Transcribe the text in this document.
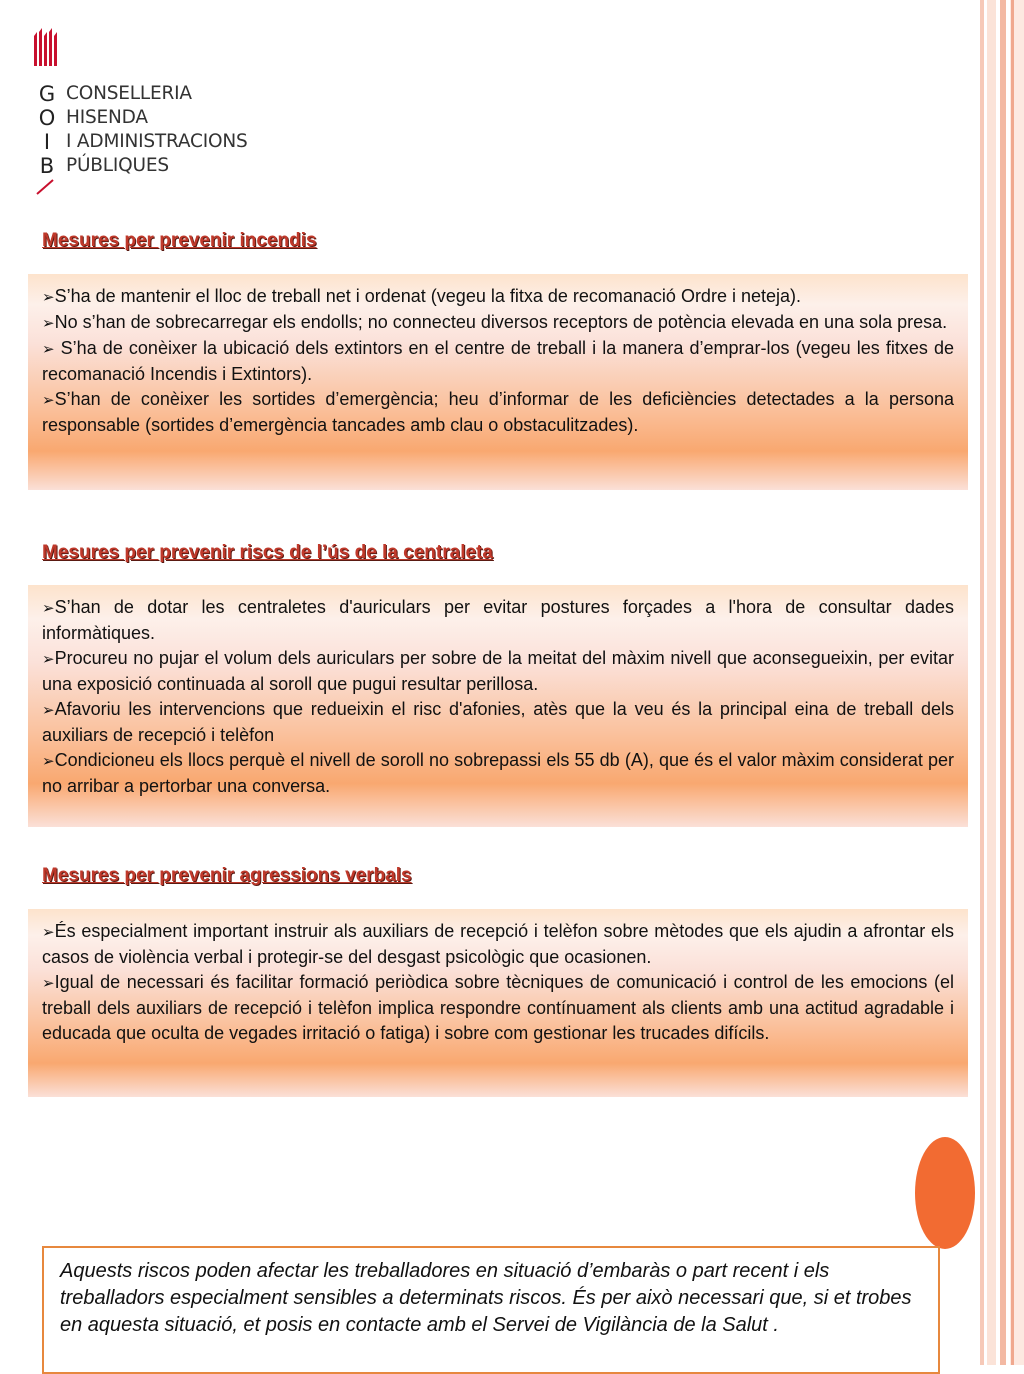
G
O
I
B
CONSELLERIA
HISENDA
I ADMINISTRACIONS
PÚBLIQUES
Mesures per prevenir incendis
➢S’ha de mantenir el lloc de treball net i ordenat (vegeu la fitxa de recomanació Ordre i neteja).
➢No s’han de sobrecarregar els endolls; no connecteu diversos receptors de potència elevada en una sola presa.
➢ S’ha de conèixer la ubicació dels extintors en el centre de treball i la manera d’emprar-los (vegeu les fitxes de recomanació Incendis i Extintors).
➢S’han de conèixer les sortides d’emergència; heu d’informar de les deficiències detectades a la persona responsable (sortides d’emergència tancades amb clau o obstaculitzades).
Mesures per prevenir riscs de l’ús de la centraleta
➢S’han de dotar les centraletes d'auriculars per evitar postures forçades a l'hora de consultar dades informàtiques.
➢Procureu no pujar el volum dels auriculars per sobre de la meitat del màxim nivell que aconsegueixin, per evitar una exposició continuada al soroll que pugui resultar perillosa.
➢Afavoriu les intervencions que redueixin el risc d'afonies, atès que la veu és la principal eina de treball dels auxiliars de recepció i telèfon
➢Condicioneu els llocs perquè el nivell de soroll no sobrepassi els 55 db (A), que és el valor màxim considerat per no arribar a pertorbar una conversa.
Mesures per prevenir agressions verbals
➢És especialment important instruir als auxiliars de recepció i telèfon sobre mètodes que els ajudin a afrontar els casos de violència verbal i protegir-se del desgast psicològic que ocasionen.
➢Igual de necessari és facilitar formació periòdica sobre tècniques de comunicació i control de les emocions (el treball dels auxiliars de recepció i telèfon implica respondre contínuament als clients amb una actitud agradable i educada que oculta de vegades irritació o fatiga) i sobre com gestionar les trucades difícils.
Aquests riscos poden afectar les treballadores en situació d’embaràs o part recent i els treballadors especialment sensibles a determinats riscos. És per això necessari que, si et trobes en aquesta situació, et posis en contacte amb el Servei de Vigilància de la Salut .
